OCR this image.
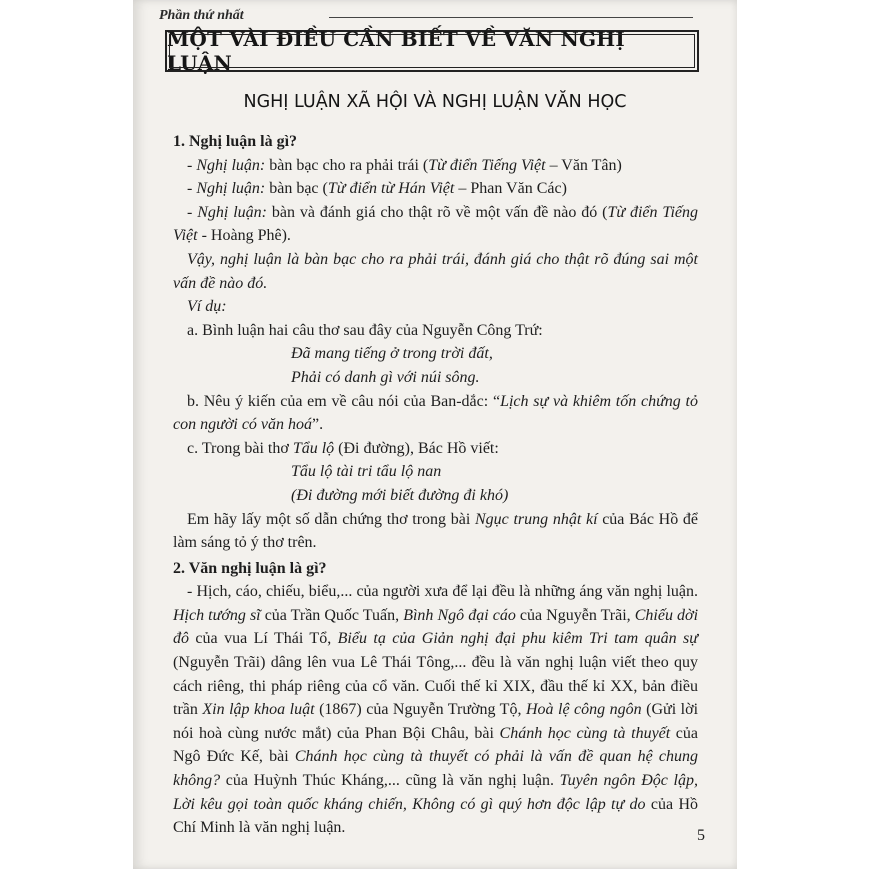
Phần thứ nhất
MỘT VÀI ĐIỀU CẦN BIẾT VỀ VĂN NGHỊ LUẬN
NGHỊ LUẬN XÃ HỘI VÀ NGHỊ LUẬN VĂN HỌC
1. Nghị luận là gì?
- Nghị luận: bàn bạc cho ra phải trái (Từ điển Tiếng Việt – Văn Tân)
- Nghị luận: bàn bạc (Từ điển từ Hán Việt – Phan Văn Các)
- Nghị luận: bàn và đánh giá cho thật rõ về một vấn đề nào đó (Từ điển Tiếng Việt - Hoàng Phê).
Vậy, nghị luận là bàn bạc cho ra phải trái, đánh giá cho thật rõ đúng sai một vấn đề nào đó.
Ví dụ:
a. Bình luận hai câu thơ sau đây của Nguyễn Công Trứ:
Đã mang tiếng ở trong trời đất,
Phải có danh gì với núi sông.
b. Nêu ý kiến của em về câu nói của Ban-dắc: “Lịch sự và khiêm tốn chứng tỏ con người có văn hoá”.
c. Trong bài thơ Tẩu lộ (Đi đường), Bác Hồ viết:
Tẩu lộ tài tri tẩu lộ nan
(Đi đường mới biết đường đi khó)
Em hãy lấy một số dẫn chứng thơ trong bài Ngục trung nhật kí của Bác Hồ để làm sáng tỏ ý thơ trên.
2. Văn nghị luận là gì?
- Hịch, cáo, chiếu, biểu,... của người xưa để lại đều là những áng văn nghị luận. Hịch tướng sĩ của Trần Quốc Tuấn, Bình Ngô đại cáo của Nguyễn Trãi, Chiếu dời đô của vua Lí Thái Tổ, Biểu tạ của Giản nghị đại phu kiêm Tri tam quân sự (Nguyễn Trãi) dâng lên vua Lê Thái Tông,... đều là văn nghị luận viết theo quy cách riêng, thi pháp riêng của cổ văn. Cuối thế kỉ XIX, đầu thế kỉ XX, bản điều trần Xin lập khoa luật (1867) của Nguyễn Trường Tộ, Hoà lệ công ngôn (Gửi lời nói hoà cùng nước mắt) của Phan Bội Châu, bài Chánh học cùng tà thuyết của Ngô Đức Kế, bài Chánh học cùng tà thuyết có phải là vấn đề quan hệ chung không? của Huỳnh Thúc Kháng,... cũng là văn nghị luận. Tuyên ngôn Độc lập, Lời kêu gọi toàn quốc kháng chiến, Không có gì quý hơn độc lập tự do của Hồ Chí Minh là văn nghị luận.	5
